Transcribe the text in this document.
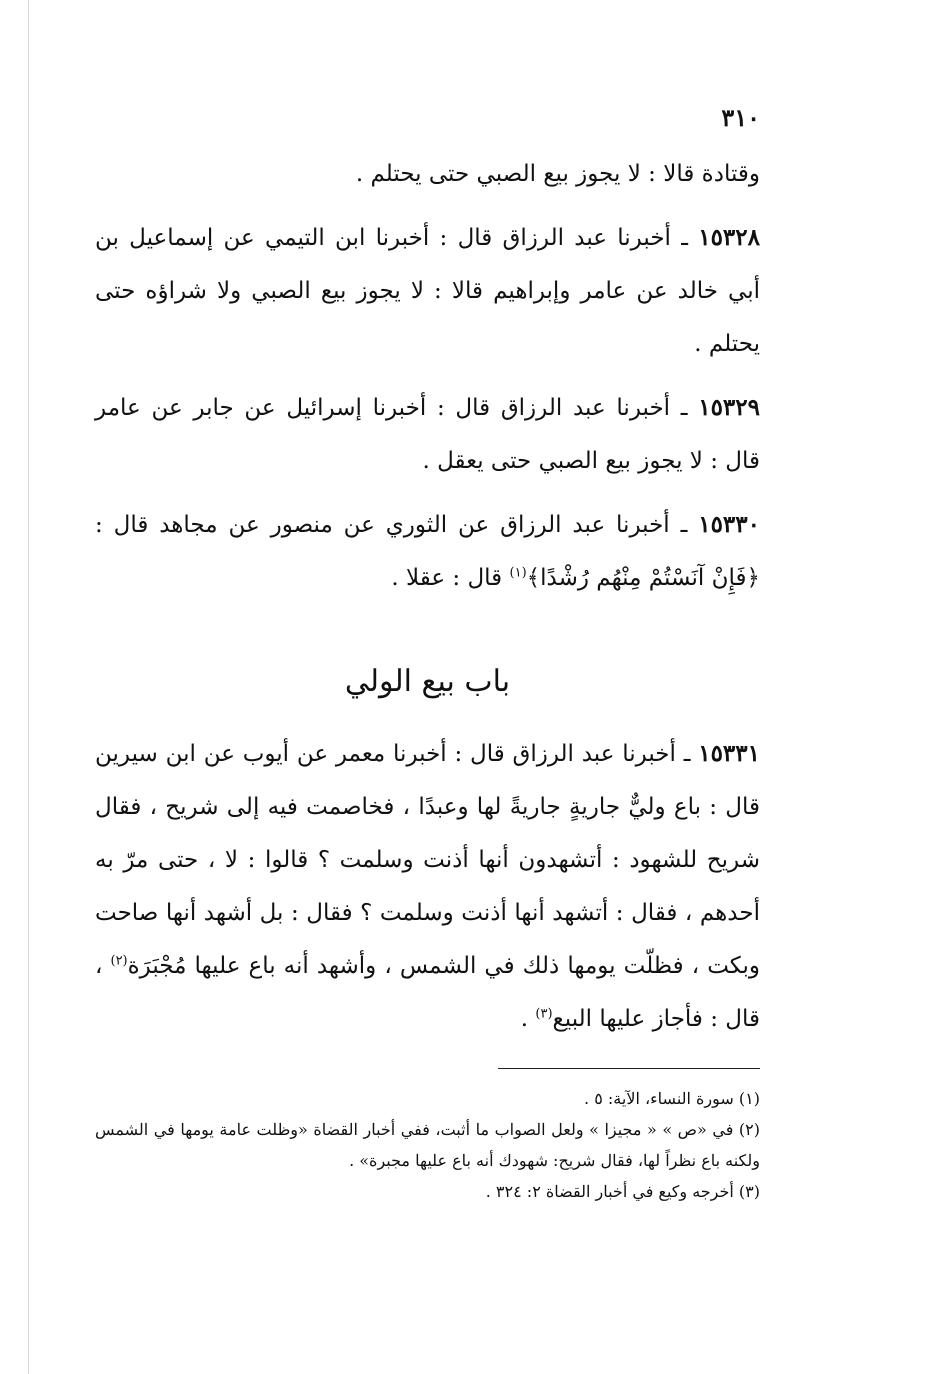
٣١٠

وقتادة قالا : لا يجوز بيع الصبي حتى يحتلم .

١٥٣٢٨ ـ أخبرنا عبد الرزاق قال : أخبرنا ابن التيمي عن إسماعيل بن أبي خالد عن عامر وإبراهيم قالا : لا يجوز بيع الصبي ولا شراؤه حتى يحتلم .

١٥٣٢٩ ـ أخبرنا عبد الرزاق قال : أخبرنا إسرائيل عن جابر عن عامر قال : لا يجوز بيع الصبي حتى يعقل .

١٥٣٣٠ ـ أخبرنا عبد الرزاق عن الثوري عن منصور عن مجاهد قال : ﴿فَإِنْ آنَسْتُمْ مِنْهُم رُشْدًا﴾$^{(١)}$ قال : عقلا .

باب بيع الولي

١٥٣٣١ ـ أخبرنا عبد الرزاق قال : أخبرنا معمر عن أيوب عن ابن سيرين قال : باع وليٌّ جاريةٍ جاريةً لها وعبدًا ، فخاصمت فيه إلى شريح ، فقال شريح للشهود : أتشهدون أنها أذنت وسلمت ؟ قالوا : لا ، حتى مرّ به أحدهم ، فقال : أتشهد أنها أذنت وسلمت ؟ فقال : بل أشهد أنها صاحت وبكت ، فظلّت يومها ذلك في الشمس ، وأشهد أنه باع عليها مُجْبَرَة$^{(٢)}$ ، قال : فأجاز عليها البيع$^{(٣)}$ .

(١) سورة النساء، الآية: ٥ .

(٢) في «ص » « مجيزا » ولعل الصواب ما أثبت، ففي أخبار القضاة «وظلت عامة يومها في الشمس ولكنه باع نظراً لها، فقال شريح: شهودك أنه باع عليها مجبرة» .

(٣) أخرجه وكيع في أخبار القضاة ٢: ٣٢٤ .
